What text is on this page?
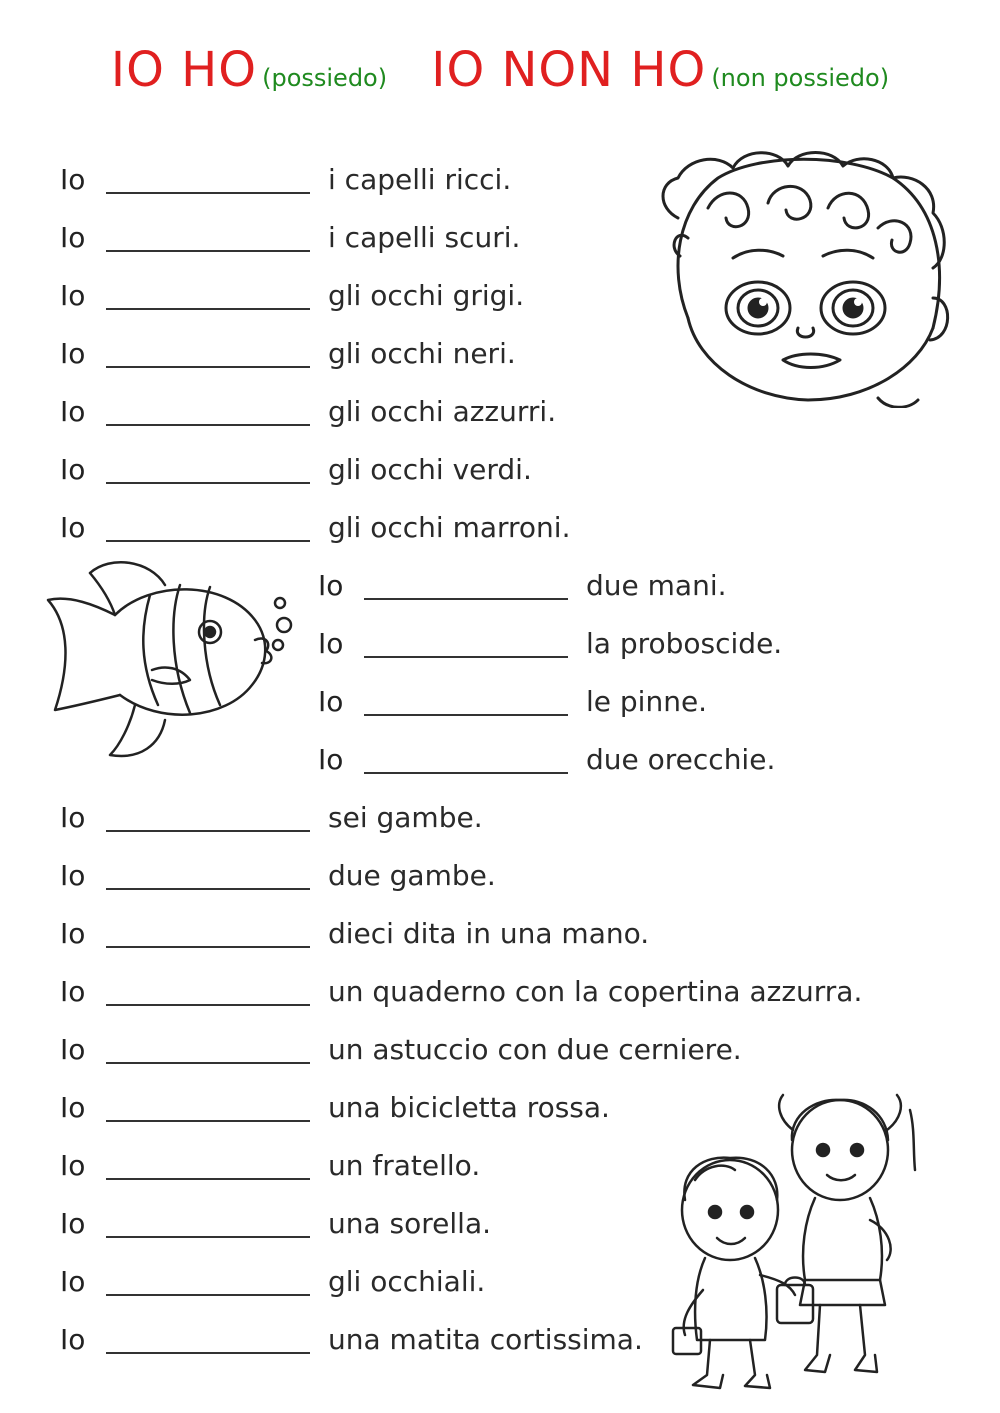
IO HO (possiedo) IO NON HO (non possiedo)
Io	i capelli ricci.
Io	i capelli scuri.
Io	gli occhi grigi.
Io	gli occhi neri.
Io	gli occhi azzurri.
Io	gli occhi verdi.
Io	gli occhi marroni.
Io	due mani.
Io	la proboscide.
Io	le pinne.
Io	due orecchie.
Io	sei gambe.
Io	due gambe.
Io	dieci dita in una mano.
Io	un quaderno con la copertina azzurra.
Io	un astuccio con due cerniere.
Io	una bicicletta rossa.
Io	un fratello.
Io	una sorella.
Io	gli occhiali.
Io	una matita cortissima.
